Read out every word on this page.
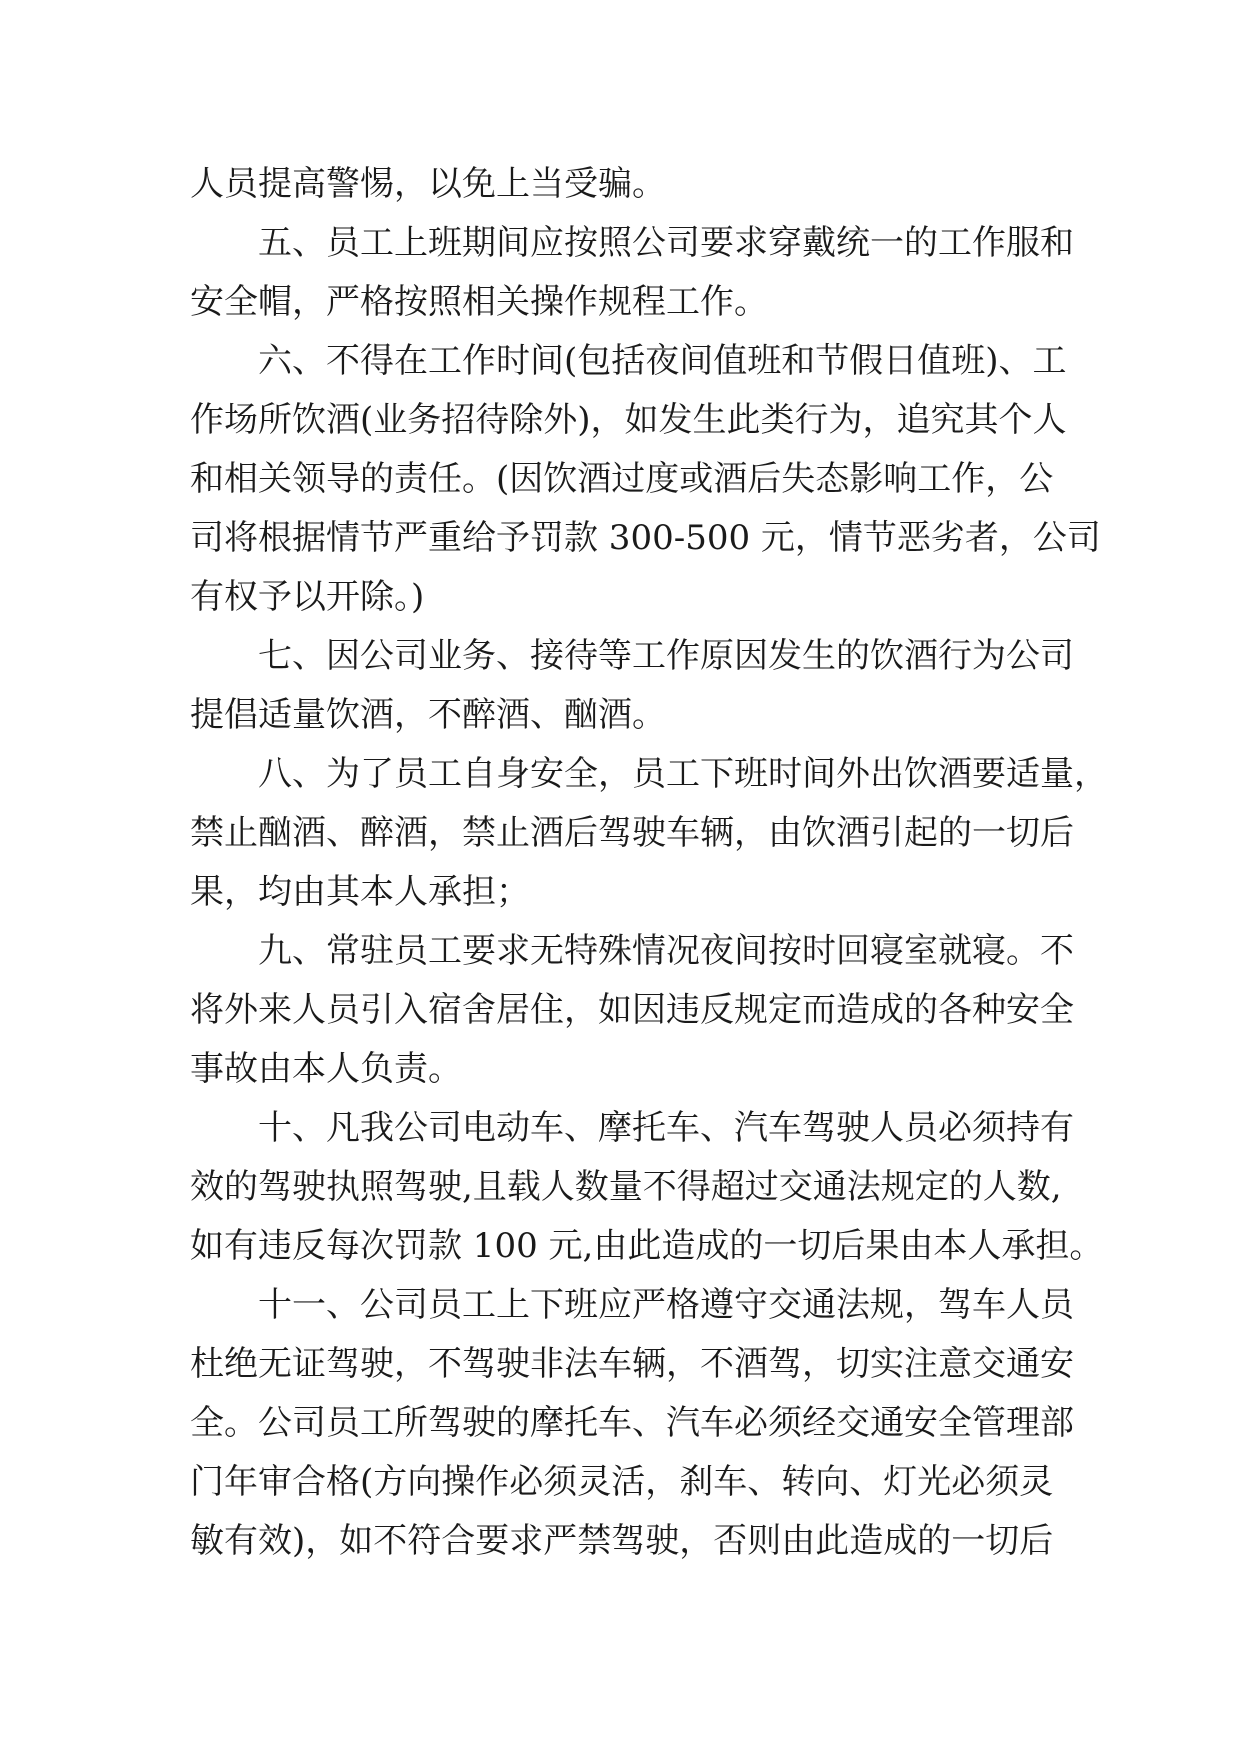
人员提高警惕，以免上当受骗。
五、员工上班期间应按照公司要求穿戴统一的工作服和
安全帽，严格按照相关操作规程工作。
六、不得在工作时间(包括夜间值班和节假日值班)、工
作场所饮酒(业务招待除外)，如发生此类行为，追究其个人
和相关领导的责任。(因饮酒过度或酒后失态影响工作，公
司将根据情节严重给予罚款 300-500 元，情节恶劣者，公司
有权予以开除。)
七、因公司业务、接待等工作原因发生的饮酒行为公司
提倡适量饮酒，不醉酒、酗酒。
八、为了员工自身安全，员工下班时间外出饮酒要适量，
禁止酗酒、醉酒，禁止酒后驾驶车辆，由饮酒引起的一切后
果，均由其本人承担；
九、常驻员工要求无特殊情况夜间按时回寝室就寝。不
将外来人员引入宿舍居住，如因违反规定而造成的各种安全
事故由本人负责。
十、凡我公司电动车、摩托车、汽车驾驶人员必须持有
效的驾驶执照驾驶,且载人数量不得超过交通法规定的人数,
如有违反每次罚款 100 元,由此造成的一切后果由本人承担。
十一、公司员工上下班应严格遵守交通法规，驾车人员
杜绝无证驾驶，不驾驶非法车辆，不酒驾，切实注意交通安
全。公司员工所驾驶的摩托车、汽车必须经交通安全管理部
门年审合格(方向操作必须灵活，刹车、转向、灯光必须灵
敏有效)，如不符合要求严禁驾驶，否则由此造成的一切后
